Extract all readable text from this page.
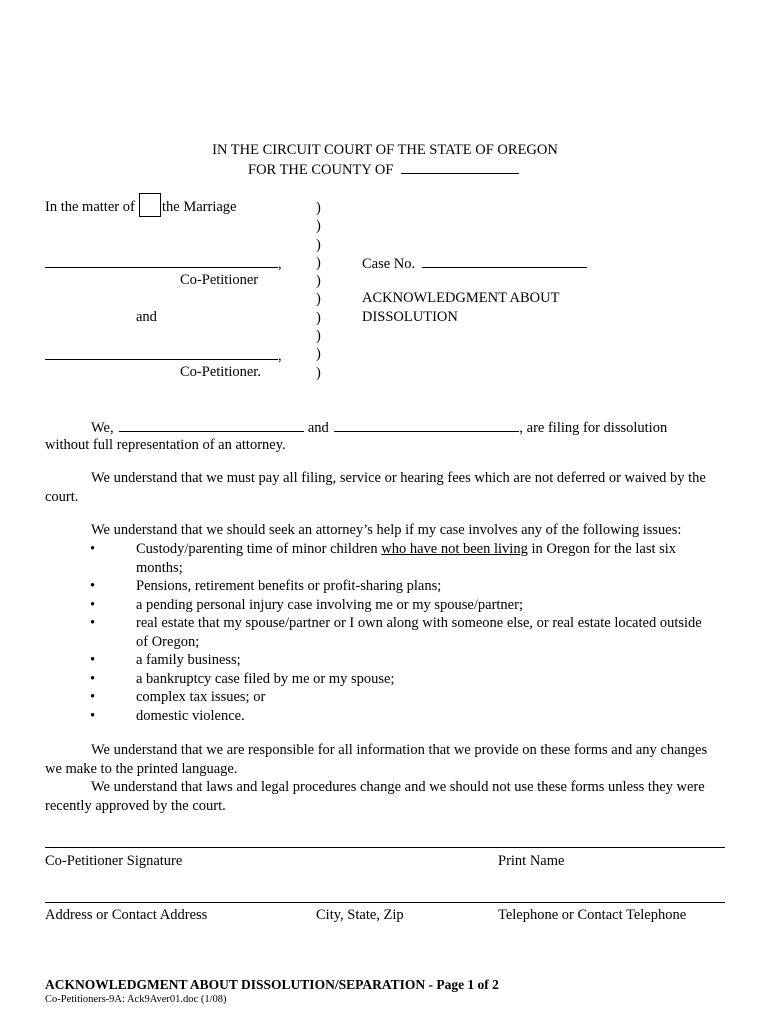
IN THE CIRCUIT COURT OF THE STATE OF OREGON
FOR THE COUNTY OF
In the matter of the Marriage
,
Co-Petitioner
and
,
Co-Petitioner.
)
)
)
)
)
)
)
)
)
)
Case No.
ACKNOWLEDGMENT ABOUT
DISSOLUTION
We,	and	, are filing for dissolution
without full representation of an attorney.
We understand that we must pay all filing, service or hearing fees which are not deferred or waived by the court.
We understand that we should seek an attorney’s help if my case involves any of the following issues:
•	Custody/parenting time of minor children who have not been living in Oregon for the last six months;
•	Pensions, retirement benefits or profit-sharing plans;
•	a pending personal injury case involving me or my spouse/partner;
•	real estate that my spouse/partner or I own along with someone else, or real estate located outside of Oregon;
•	a family business;
•	a bankruptcy case filed by me or my spouse;
•	complex tax issues; or
•	domestic violence.
We understand that we are responsible for all information that we provide on these forms and any changes we make to the printed language.
We understand that laws and legal procedures change and we should not use these forms unless they were recently approved by the court.
Co-Petitioner Signature	Print Name
Address or Contact Address	City, State, Zip	Telephone or Contact Telephone
ACKNOWLEDGMENT ABOUT DISSOLUTION/SEPARATION - Page 1 of 2
Co-Petitioners-9A: Ack9Aver01.doc (1/08)
